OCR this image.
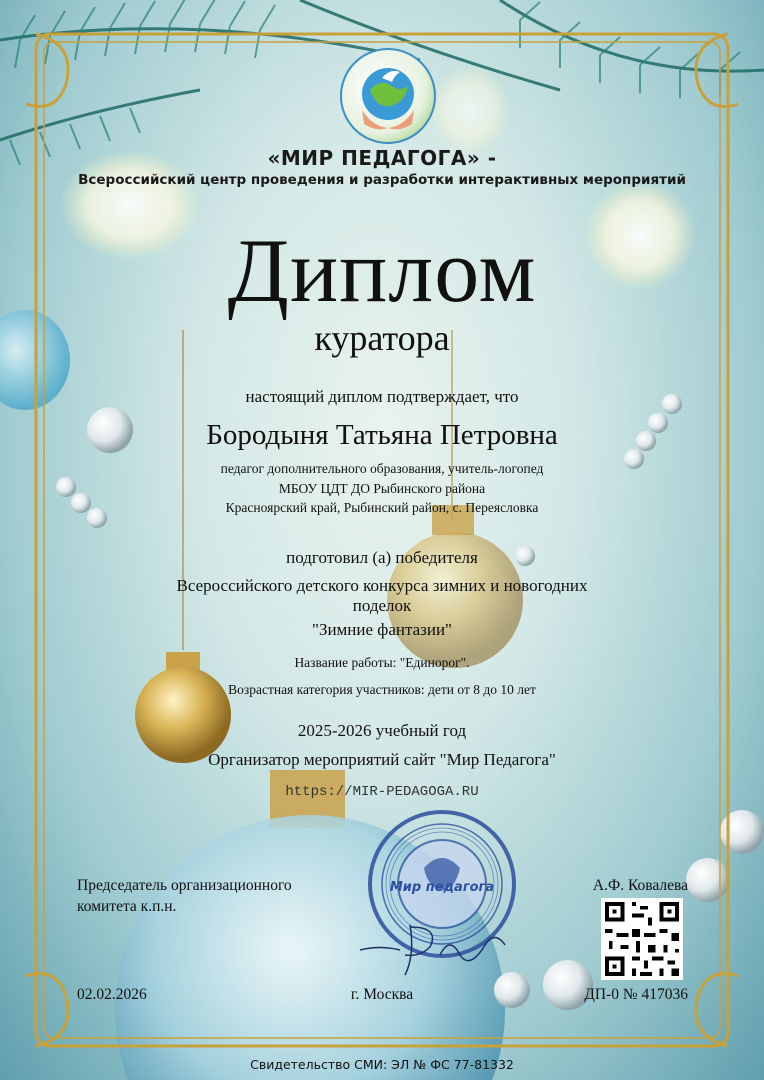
«МИР ПЕДАГОГА» -
Всероссийский центр проведения и разработки интерактивных мероприятий
Диплом
куратора
настоящий диплом подтверждает, что
Бородыня Татьяна Петровна
педагог дополнительного образования, учитель-логопед
МБОУ ЦДТ ДО Рыбинского района
Красноярский край, Рыбинский район, с. Переясловка
подготовил (а) победителя
Всероссийского детского конкурса зимних и новогодних
поделок
"Зимние фантазии"
Название работы: "Единорог".
Возрастная категория участников: дети от 8 до 10 лет
2025-2026 учебный год
Организатор мероприятий сайт "Мир Педагога"
https://MIR-PEDAGOGA.RU
Мир педагога
Председатель организационного
комитета к.п.н.
А.Ф. Ковалева
02.02.2026	г. Москва	ДП-0 № 417036
Свидетельство СМИ: ЭЛ № ФС 77-81332
